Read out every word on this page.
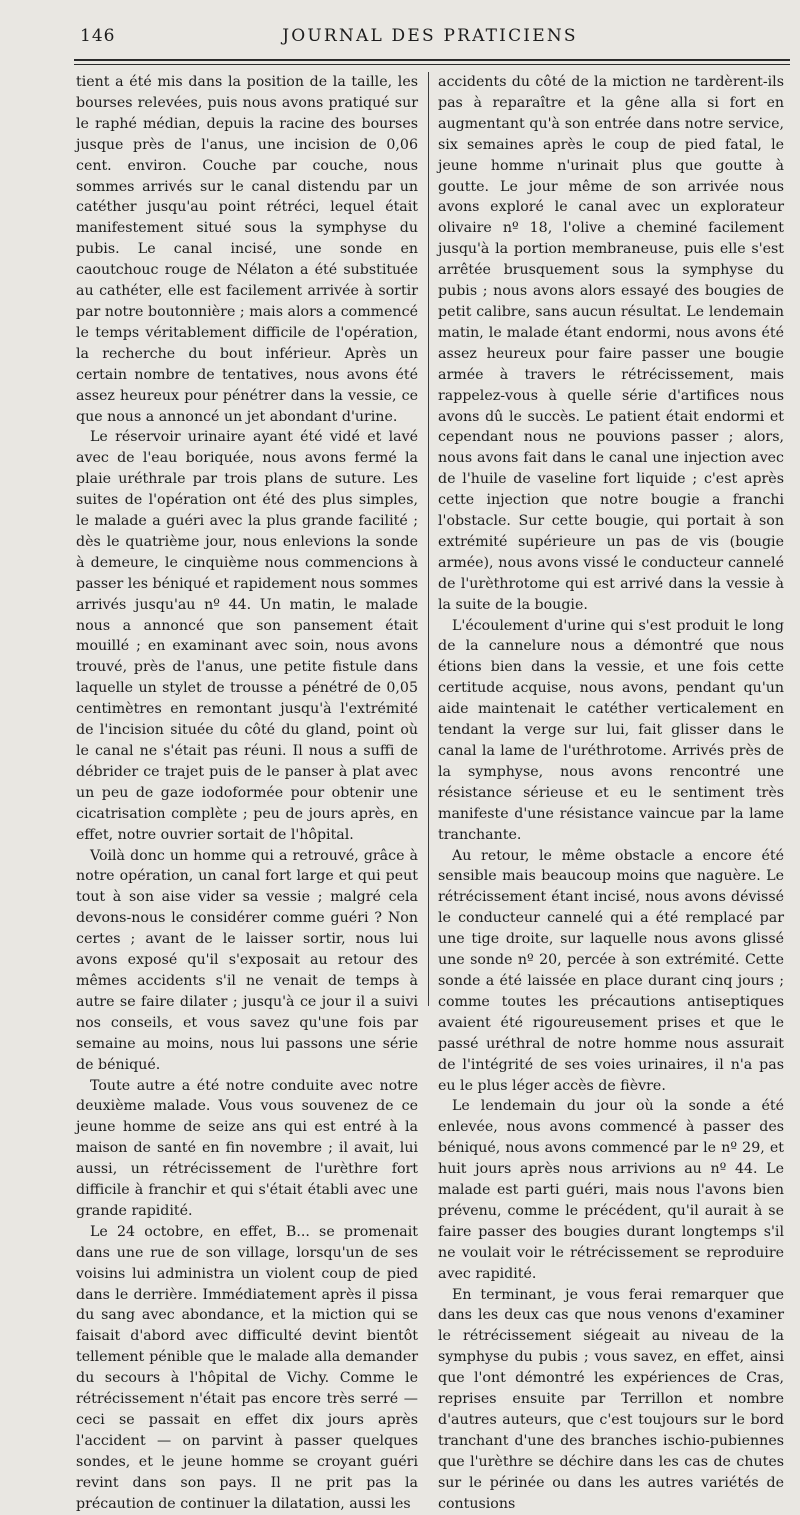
146	JOURNAL DES PRATICIENS

tient a été mis dans la position de la taille, les bourses relevées, puis nous avons pratiqué sur le raphé médian, depuis la racine des bourses jusque près de l'anus, une incision de 0,06 cent. environ. Couche par couche, nous sommes arrivés sur le canal distendu par un catéther jusqu'au point rétréci, lequel était manifestement situé sous la symphyse du pubis. Le canal incisé, une sonde en caoutchouc rouge de Nélaton a été substituée au cathéter, elle est facilement arrivée à sortir par notre boutonnière ; mais alors a commencé le temps véritablement difficile de l'opération, la recherche du bout inférieur. Après un certain nombre de tentatives, nous avons été assez heureux pour pénétrer dans la vessie, ce que nous a annoncé un jet abondant d'urine.

Le réservoir urinaire ayant été vidé et lavé avec de l'eau boriquée, nous avons fermé la plaie uréthrale par trois plans de suture. Les suites de l'opération ont été des plus simples, le malade a guéri avec la plus grande facilité ; dès le quatrième jour, nous enlevions la sonde à demeure, le cinquième nous commencions à passer les béniqué et rapidement nous sommes arrivés jusqu'au nº 44. Un matin, le malade nous a annoncé que son pansement était mouillé ; en examinant avec soin, nous avons trouvé, près de l'anus, une petite fistule dans laquelle un stylet de trousse a pénétré de 0,05 centimètres en remontant jusqu'à l'extrémité de l'incision située du côté du gland, point où le canal ne s'était pas réuni. Il nous a suffi de débrider ce trajet puis de le panser à plat avec un peu de gaze iodoformée pour obtenir une cicatrisation complète ; peu de jours après, en effet, notre ouvrier sortait de l'hôpital.

Voilà donc un homme qui a retrouvé, grâce à notre opération, un canal fort large et qui peut tout à son aise vider sa vessie ; malgré cela devons-nous le considérer comme guéri ? Non certes ; avant de le laisser sortir, nous lui avons exposé qu'il s'exposait au retour des mêmes accidents s'il ne venait de temps à autre se faire dilater ; jusqu'à ce jour il a suivi nos conseils, et vous savez qu'une fois par semaine au moins, nous lui passons une série de béniqué.

Toute autre a été notre conduite avec notre deuxième malade. Vous vous souvenez de ce jeune homme de seize ans qui est entré à la maison de santé en fin novembre ; il avait, lui aussi, un rétrécissement de l'urèthre fort difficile à franchir et qui s'était établi avec une grande rapidité.

Le 24 octobre, en effet, B... se promenait dans une rue de son village, lorsqu'un de ses voisins lui administra un violent coup de pied dans le derrière. Immédiatement après il pissa du sang avec abondance, et la miction qui se faisait d'abord avec difficulté devint bientôt tellement pénible que le malade alla demander du secours à l'hôpital de Vichy. Comme le rétrécissement n'était pas encore très serré — ceci se passait en effet dix jours après l'accident — on parvint à passer quelques sondes, et le jeune homme se croyant guéri revint dans son pays. Il ne prit pas la précaution de continuer la dilatation, aussi les

accidents du côté de la miction ne tardèrent-ils pas à reparaître et la gêne alla si fort en augmentant qu'à son entrée dans notre service, six semaines après le coup de pied fatal, le jeune homme n'urinait plus que goutte à goutte. Le jour même de son arrivée nous avons exploré le canal avec un explorateur olivaire nº 18, l'olive a cheminé facilement jusqu'à la portion membraneuse, puis elle s'est arrêtée brusquement sous la symphyse du pubis ; nous avons alors essayé des bougies de petit calibre, sans aucun résultat. Le lendemain matin, le malade étant endormi, nous avons été assez heureux pour faire passer une bougie armée à travers le rétrécissement, mais rappelez-vous à quelle série d'artifices nous avons dû le succès. Le patient était endormi et cependant nous ne pouvions passer ; alors, nous avons fait dans le canal une injection avec de l'huile de vaseline fort liquide ; c'est après cette injection que notre bougie a franchi l'obstacle. Sur cette bougie, qui portait à son extrémité supérieure un pas de vis (bougie armée), nous avons vissé le conducteur cannelé de l'urèthrotome qui est arrivé dans la vessie à la suite de la bougie.

L'écoulement d'urine qui s'est produit le long de la cannelure nous a démontré que nous étions bien dans la vessie, et une fois cette certitude acquise, nous avons, pendant qu'un aide maintenait le catéther verticalement en tendant la verge sur lui, fait glisser dans le canal la lame de l'uréthrotome. Arrivés près de la symphyse, nous avons rencontré une résistance sérieuse et eu le sentiment très manifeste d'une résistance vaincue par la lame tranchante.

Au retour, le même obstacle a encore été sensible mais beaucoup moins que naguère. Le rétrécissement étant incisé, nous avons dévissé le conducteur cannelé qui a été remplacé par une tige droite, sur laquelle nous avons glissé une sonde nº 20, percée à son extrémité. Cette sonde a été laissée en place durant cinq jours ; comme toutes les précautions antiseptiques avaient été rigoureusement prises et que le passé uréthral de notre homme nous assurait de l'intégrité de ses voies urinaires, il n'a pas eu le plus léger accès de fièvre.

Le lendemain du jour où la sonde a été enlevée, nous avons commencé à passer des béniqué, nous avons commencé par le nº 29, et huit jours après nous arrivions au nº 44. Le malade est parti guéri, mais nous l'avons bien prévenu, comme le précédent, qu'il aurait à se faire passer des bougies durant longtemps s'il ne voulait voir le rétrécissement se reproduire avec rapidité.

En terminant, je vous ferai remarquer que dans les deux cas que nous venons d'examiner le rétrécissement siégeait au niveau de la symphyse du pubis ; vous savez, en effet, ainsi que l'ont démontré les expériences de Cras, reprises ensuite par Terrillon et nombre d'autres auteurs, que c'est toujours sur le bord tranchant d'une des branches ischio-pubiennes que l'urèthre se déchire dans les cas de chutes sur le périnée ou dans les autres variétés de contusions
